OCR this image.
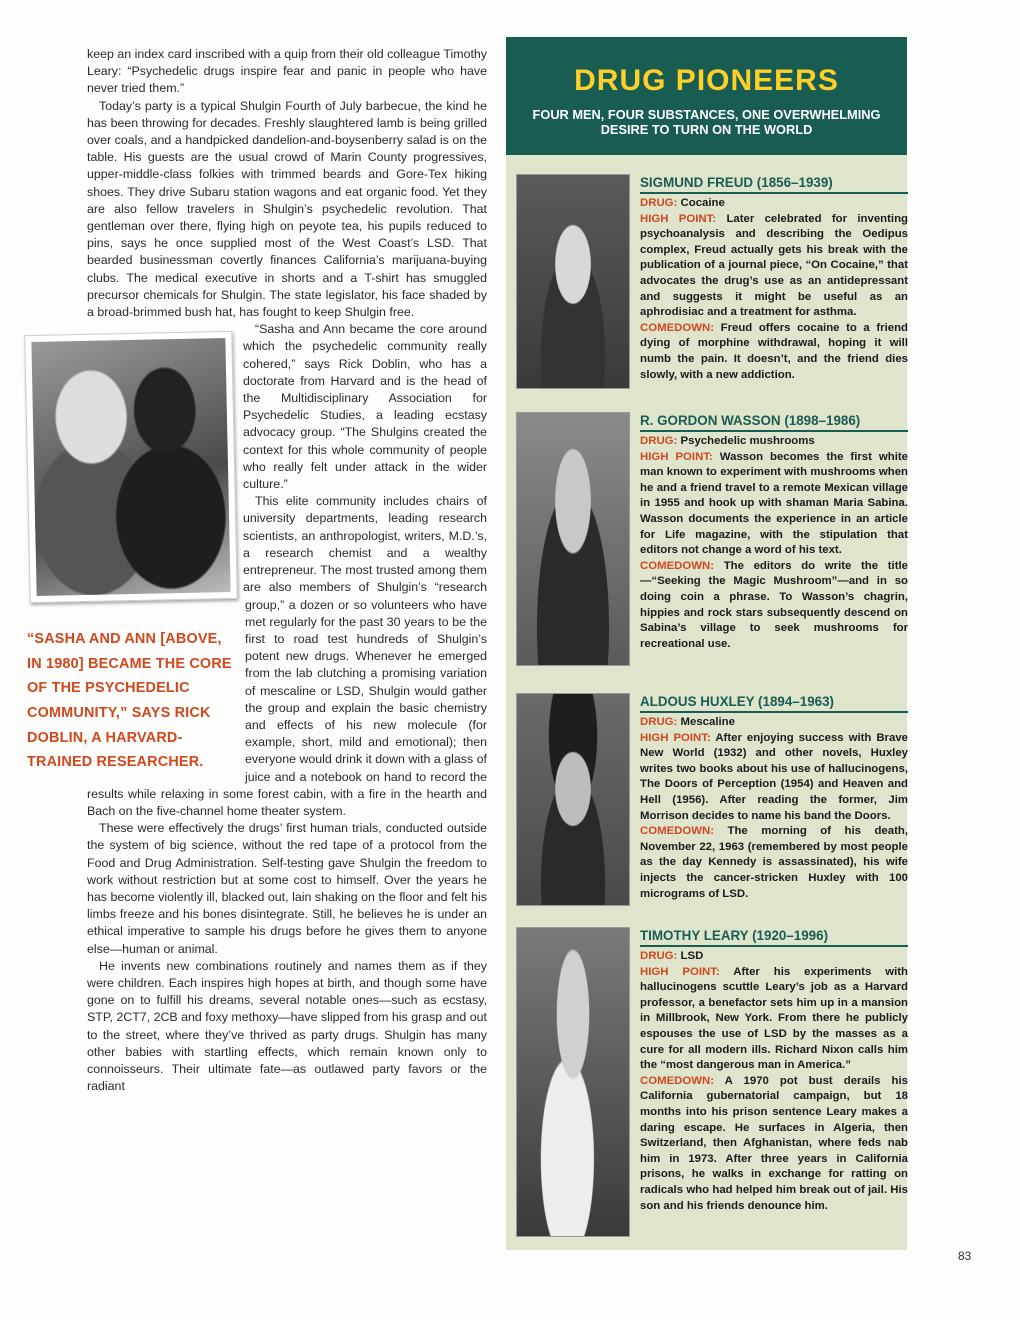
keep an index card inscribed with a quip from their old colleague Timothy Leary: “Psychedelic drugs inspire fear and panic in people who have never tried them.”

Today’s party is a typical Shulgin Fourth of July barbecue, the kind he has been throwing for decades. Freshly slaughtered lamb is being grilled over coals, and a handpicked dandelion-and-boysenberry salad is on the table. His guests are the usual crowd of Marin County progressives, upper-middle-class folkies with trimmed beards and Gore-Tex hiking shoes. They drive Subaru station wagons and eat organic food. Yet they are also fellow travelers in Shulgin’s psychedelic revolution. That gentleman over there, flying high on peyote tea, his pupils reduced to pins, says he once supplied most of the West Coast’s LSD. That bearded businessman covertly finances California’s marijuana-buying clubs. The medical executive in shorts and a T-shirt has smuggled precursor chemicals for Shulgin. The state legislator, his face shaded by a broad-brimmed bush hat, has fought to keep Shulgin free.

“SASHA AND ANN [ABOVE, IN 1980] BECAME THE CORE OF THE PSYCHEDELIC COMMUNITY,” SAYS RICK DOBLIN, A HARVARD-TRAINED RESEARCHER.

“Sasha and Ann became the core around which the psychedelic community really cohered,” says Rick Doblin, who has a doctorate from Harvard and is the head of the Multidisciplinary Association for Psychedelic Studies, a leading ecstasy advocacy group. “The Shulgins created the context for this whole community of people who really felt under attack in the wider culture.”

This elite community includes chairs of university departments, leading research scientists, an anthropologist, writers, M.D.’s, a research chemist and a wealthy entrepreneur. The most trusted among them are also members of Shulgin’s “research group,” a dozen or so volunteers who have met regularly for the past 30 years to be the first to road test hundreds of Shulgin’s potent new drugs. Whenever he emerged from the lab clutching a promising variation of mescaline or LSD, Shulgin would gather the group and explain the basic chemistry and effects of his new molecule (for example, short, mild and emotional); then everyone would drink it down with a glass of juice and a notebook on hand to record the results while relaxing in some forest cabin, with a fire in the hearth and Bach on the five-channel home theater system.

These were effectively the drugs’ first human trials, conducted outside the system of big science, without the red tape of a protocol from the Food and Drug Administration. Self-testing gave Shulgin the freedom to work without restriction but at some cost to himself. Over the years he has become violently ill, blacked out, lain shaking on the floor and felt his limbs freeze and his bones disintegrate. Still, he believes he is under an ethical imperative to sample his drugs before he gives them to anyone else—human or animal.

He invents new combinations routinely and names them as if they were children. Each inspires high hopes at birth, and though some have gone on to fulfill his dreams, several notable ones—such as ecstasy, STP, 2CT7, 2CB and foxy methoxy—have slipped from his grasp and out to the street, where they’ve thrived as party drugs. Shulgin has many other babies with startling effects, which remain known only to connoisseurs. Their ultimate fate—as outlawed party favors or the radiant

DRUG PIONEERS
FOUR MEN, FOUR SUBSTANCES, ONE OVERWHELMING DESIRE TO TURN ON THE WORLD
SIGMUND FREUD (1856–1939)
DRUG: Cocaine
HIGH POINT: Later celebrated for inventing psychoanalysis and describing the Oedipus complex, Freud actually gets his break with the publication of a journal piece, “On Cocaine,” that advocates the drug’s use as an antidepressant and suggests it might be useful as an aphrodisiac and a treatment for asthma.
COMEDOWN: Freud offers cocaine to a friend dying of morphine withdrawal, hoping it will numb the pain. It doesn’t, and the friend dies slowly, with a new addiction.
R. GORDON WASSON (1898–1986)
DRUG: Psychedelic mushrooms
HIGH POINT: Wasson becomes the first white man known to experiment with mushrooms when he and a friend travel to a remote Mexican village in 1955 and hook up with shaman Maria Sabina. Wasson documents the experience in an article for Life magazine, with the stipulation that editors not change a word of his text.
COMEDOWN: The editors do write the title—“Seeking the Magic Mushroom”—and in so doing coin a phrase. To Wasson’s chagrin, hippies and rock stars subsequently descend on Sabina’s village to seek mushrooms for recreational use.
ALDOUS HUXLEY (1894–1963)
DRUG: Mescaline
HIGH POINT: After enjoying success with Brave New World (1932) and other novels, Huxley writes two books about his use of hallucinogens, The Doors of Perception (1954) and Heaven and Hell (1956). After reading the former, Jim Morrison decides to name his band the Doors.
COMEDOWN: The morning of his death, November 22, 1963 (remembered by most people as the day Kennedy is assassinated), his wife injects the cancer-stricken Huxley with 100 micrograms of LSD.
TIMOTHY LEARY (1920–1996)
DRUG: LSD
HIGH POINT: After his experiments with hallucinogens scuttle Leary’s job as a Harvard professor, a benefactor sets him up in a mansion in Millbrook, New York. From there he publicly espouses the use of LSD by the masses as a cure for all modern ills. Richard Nixon calls him the “most dangerous man in America.”
COMEDOWN: A 1970 pot bust derails his California gubernatorial campaign, but 18 months into his prison sentence Leary makes a daring escape. He surfaces in Algeria, then Switzerland, then Afghanistan, where feds nab him in 1973. After three years in California prisons, he walks in exchange for ratting on radicals who had helped him break out of jail. His son and his friends denounce him.
83
